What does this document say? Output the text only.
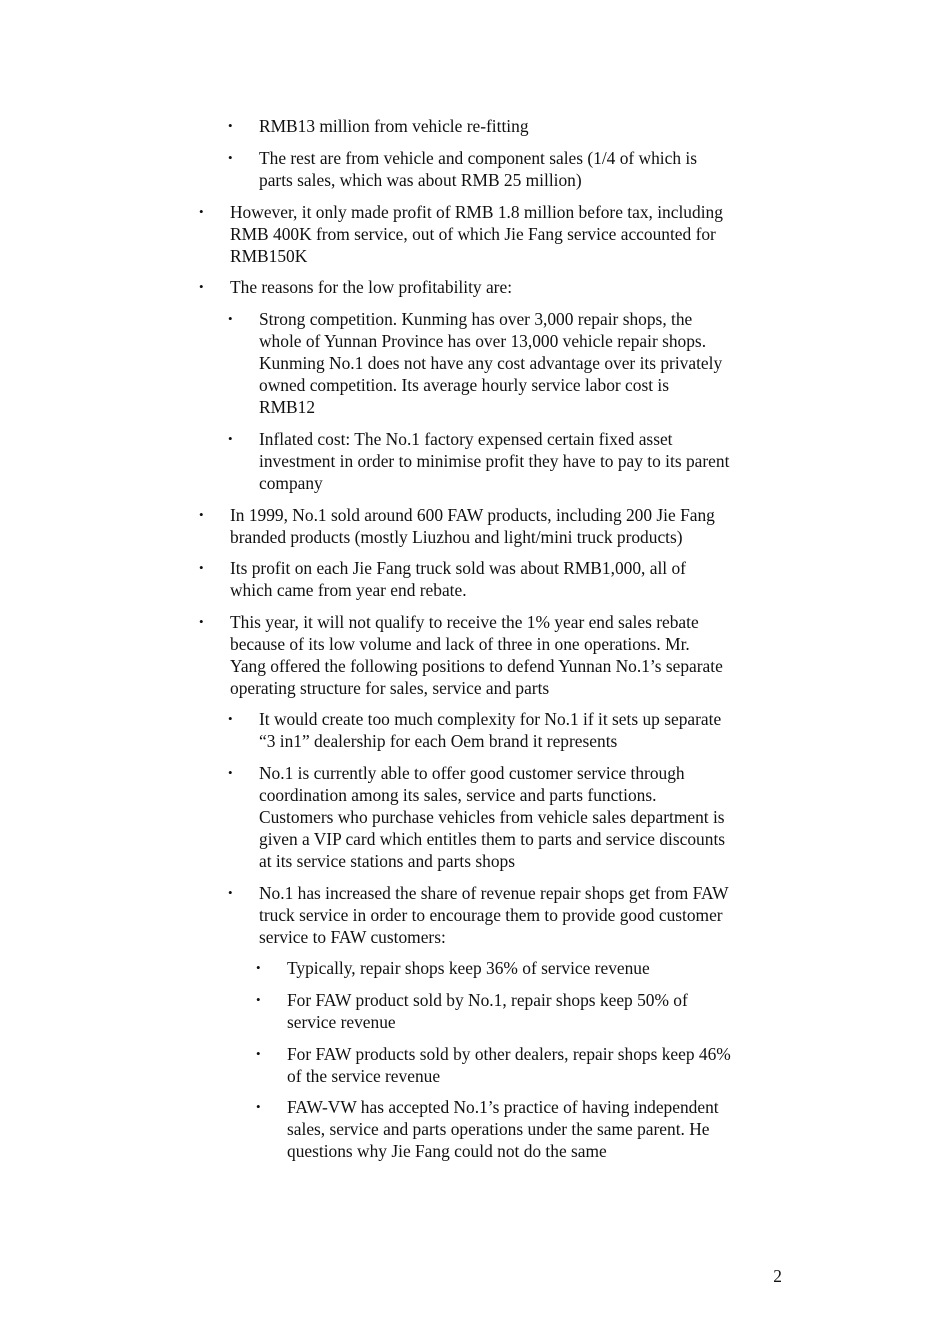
• RMB13 million from vehicle re-fitting
• The rest are from vehicle and component sales (1/4 of which is
parts sales, which was about RMB 25 million)
• However, it only made profit of RMB 1.8 million before tax, including
RMB 400K from service, out of which Jie Fang service accounted for
RMB150K
• The reasons for the low profitability are:
• Strong competition. Kunming has over 3,000 repair shops, the
whole of Yunnan Province has over 13,000 vehicle repair shops.
Kunming No.1 does not have any cost advantage over its privately
owned competition. Its average hourly service labor cost is
RMB12
• Inflated cost: The No.1 factory expensed certain fixed asset
investment in order to minimise profit they have to pay to its parent
company
• In 1999, No.1 sold around 600 FAW products, including 200 Jie Fang
branded products (mostly Liuzhou and light/mini truck products)
• Its profit on each Jie Fang truck sold was about RMB1,000, all of
which came from year end rebate.
• This year, it will not qualify to receive the 1% year end sales rebate
because of its low volume and lack of three in one operations. Mr.
Yang offered the following positions to defend Yunnan No.1’s separate
operating structure for sales, service and parts
• It would create too much complexity for No.1 if it sets up separate
“3 in1” dealership for each Oem brand it represents
• No.1 is currently able to offer good customer service through
coordination among its sales, service and parts functions.
Customers who purchase vehicles from vehicle sales department is
given a VIP card which entitles them to parts and service discounts
at its service stations and parts shops
• No.1 has increased the share of revenue repair shops get from FAW
truck service in order to encourage them to provide good customer
service to FAW customers:
• Typically, repair shops keep 36% of service revenue
• For FAW product sold by No.1, repair shops keep 50% of
service revenue
• For FAW products sold by other dealers, repair shops keep 46%
of the service revenue
• FAW-VW has accepted No.1’s practice of having independent
sales, service and parts operations under the same parent. He
questions why Jie Fang could not do the same
2
